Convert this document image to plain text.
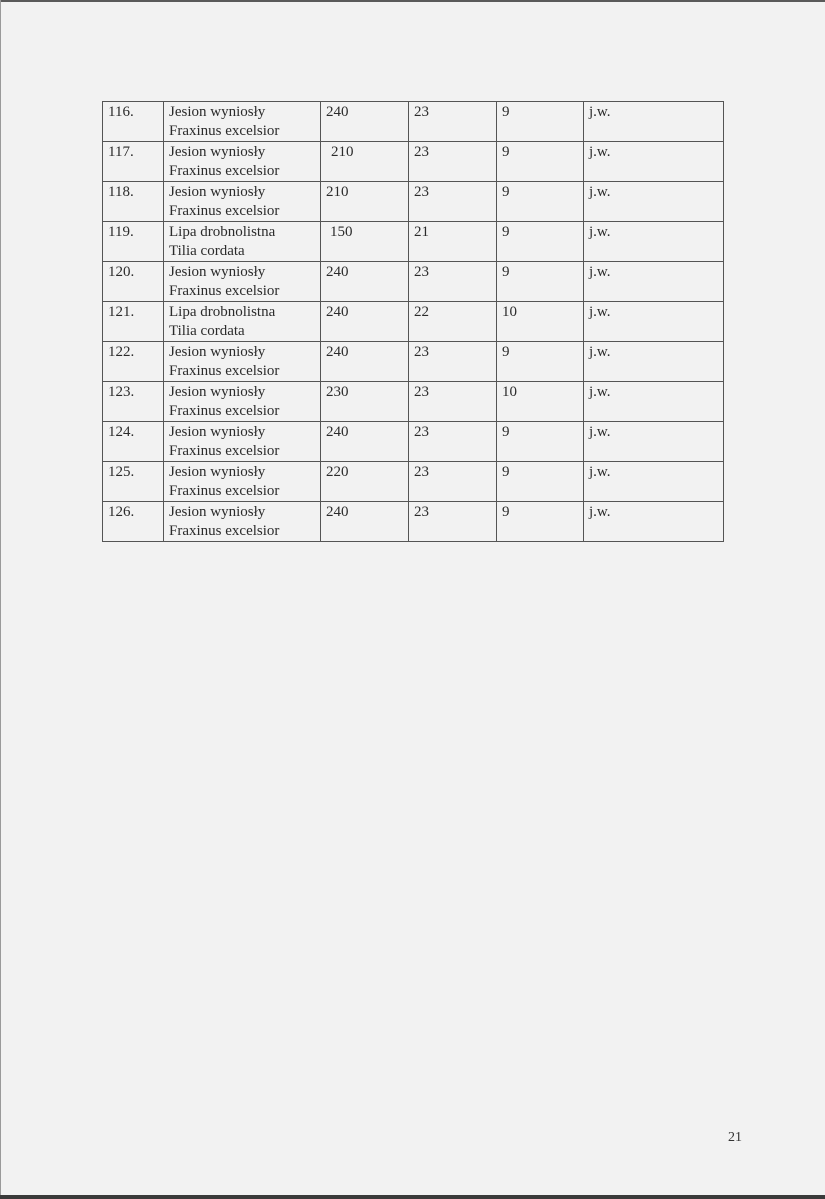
116.	Jesion wyniosły
Fraxinus excelsior	240	23	9	j.w.
117.	Jesion wyniosły
Fraxinus excelsior	210	23	9	j.w.
118.	Jesion wyniosły
Fraxinus excelsior	210	23	9	j.w.
119.	Lipa drobnolistna
Tilia cordata	150	21	9	j.w.
120.	Jesion wyniosły
Fraxinus excelsior	240	23	9	j.w.
121.	Lipa drobnolistna
Tilia cordata	240	22	10	j.w.
122.	Jesion wyniosły
Fraxinus excelsior	240	23	9	j.w.
123.	Jesion wyniosły
Fraxinus excelsior	230	23	10	j.w.
124.	Jesion wyniosły
Fraxinus excelsior	240	23	9	j.w.
125.	Jesion wyniosły
Fraxinus excelsior	220	23	9	j.w.
126.	Jesion wyniosły
Fraxinus excelsior	240	23	9	j.w.
21
